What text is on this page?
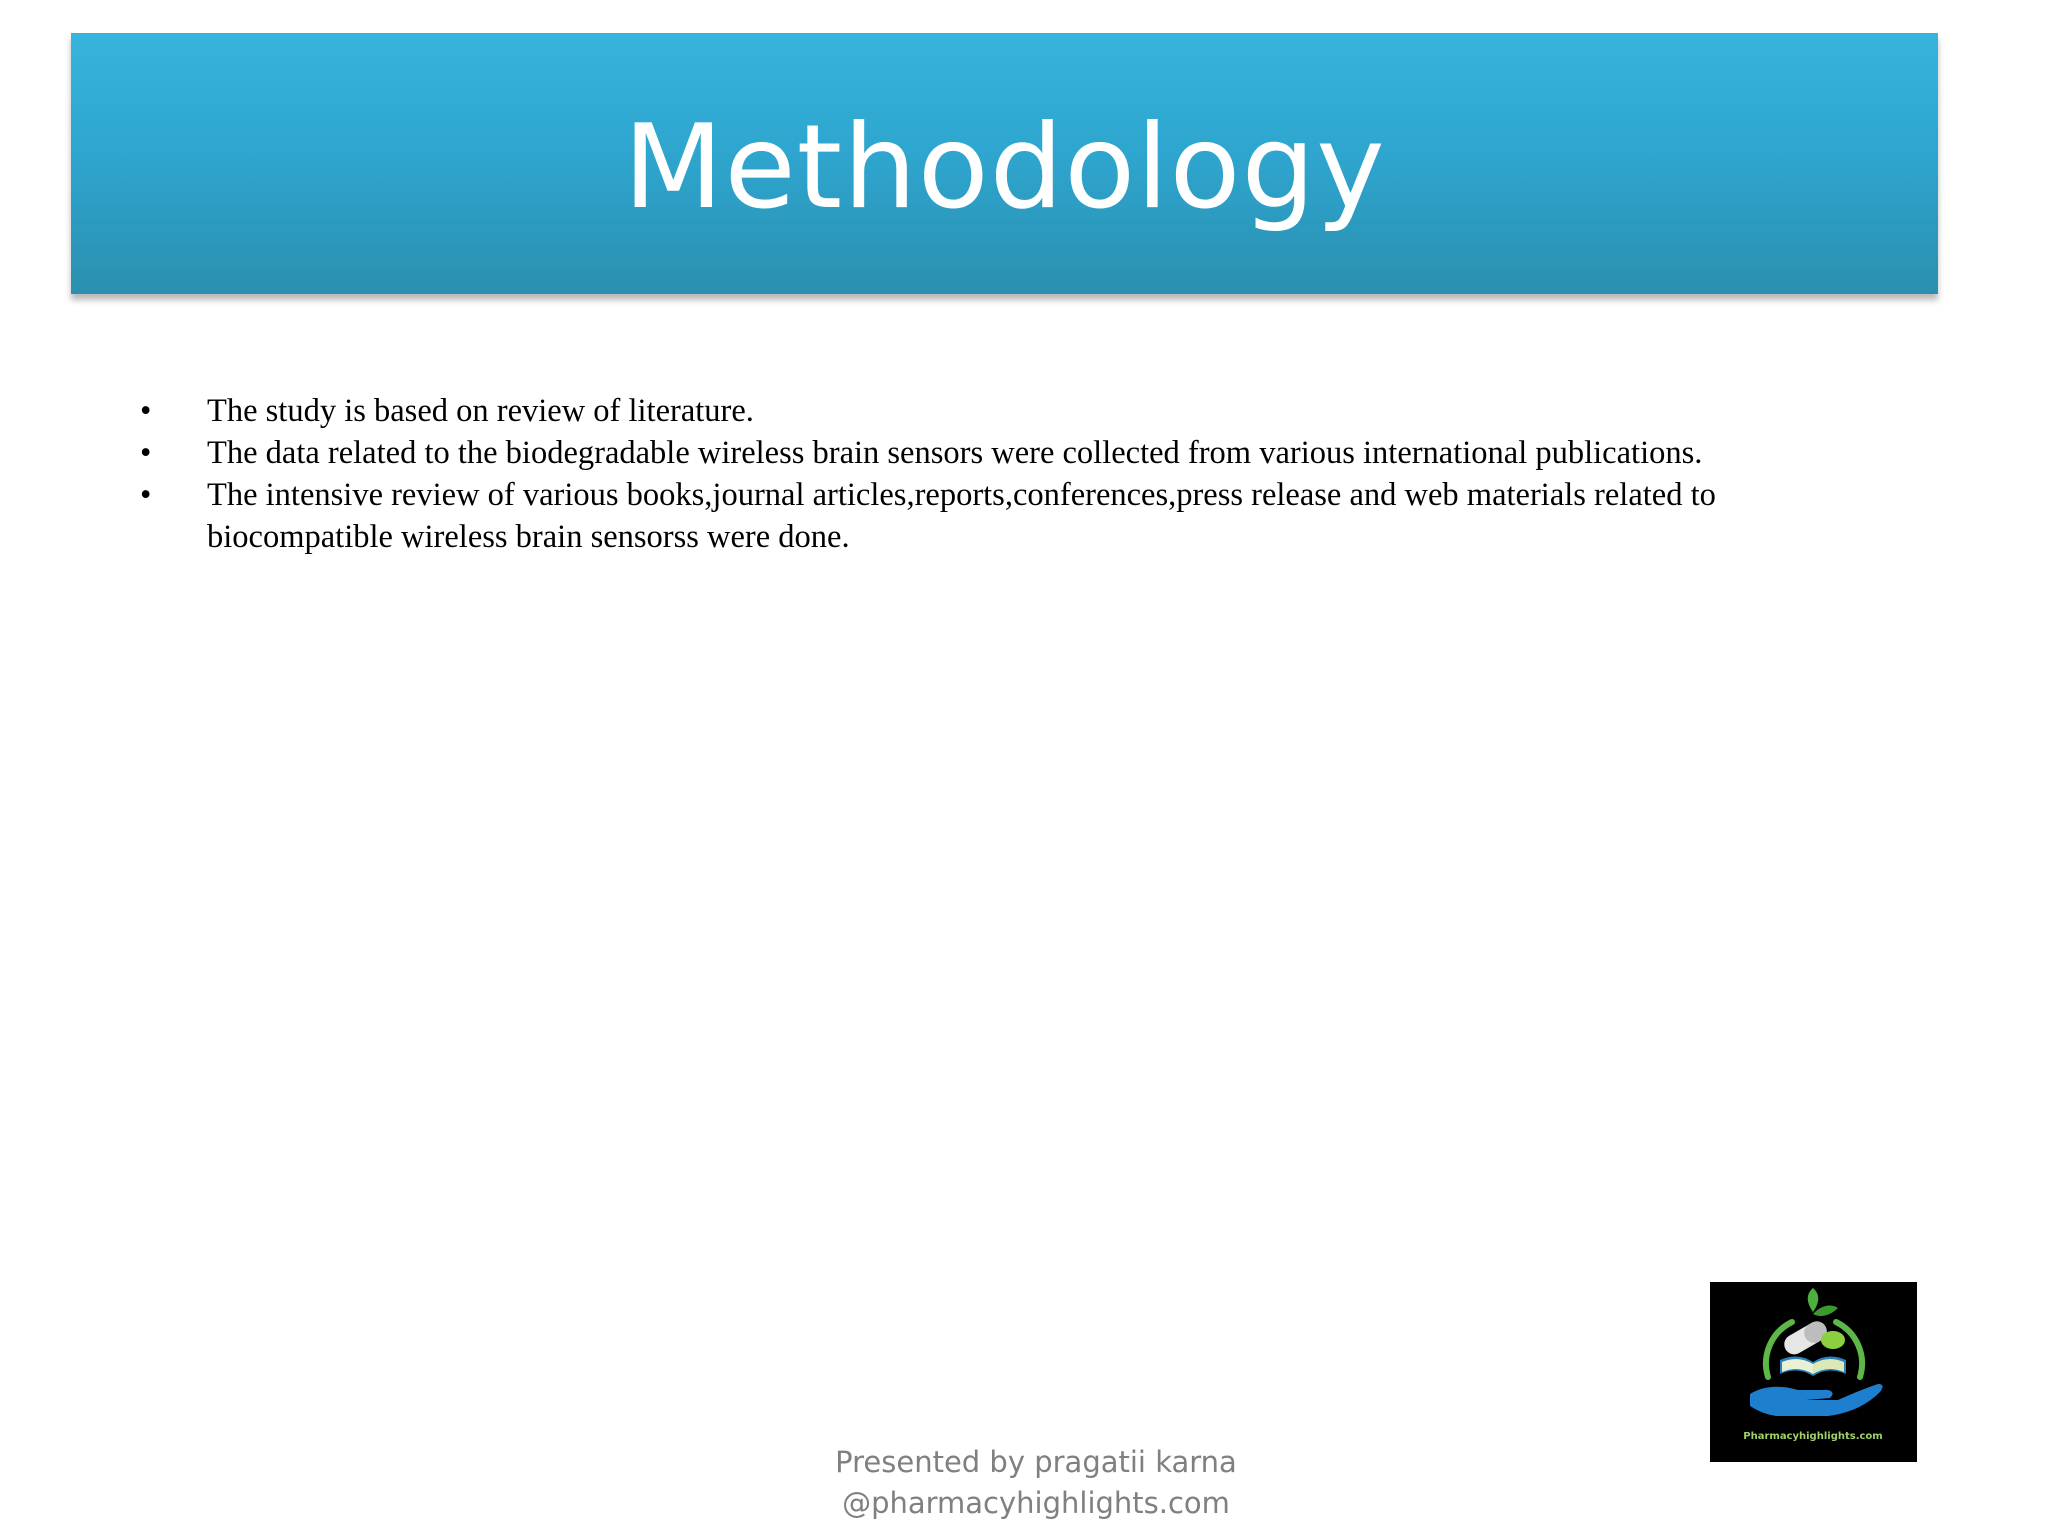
Methodology
• The study is based on review of literature.
• The data related to the biodegradable wireless brain sensors were collected from various international publications.
• The intensive review of various books,journal articles,reports,conferences,press release and web materials related to biocompatible wireless brain sensorss were done.
Pharmacyhighlights.com
Presented by pragatii karna
@pharmacyhighlights.com
